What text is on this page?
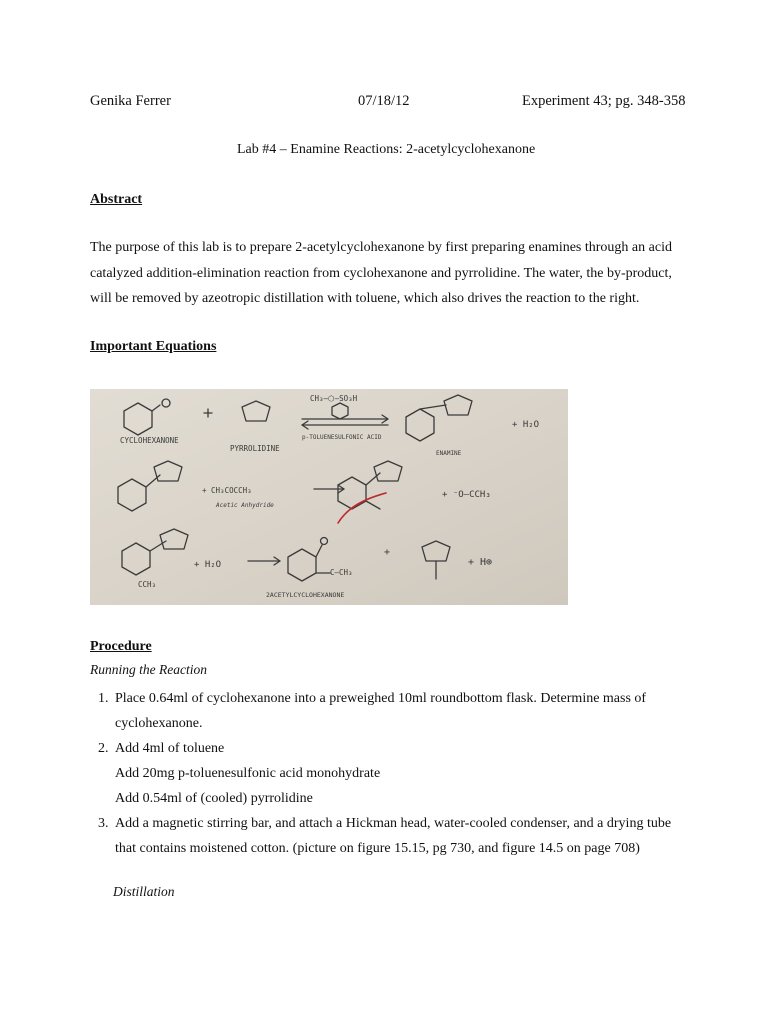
Genika Ferrer	07/18/12	Experiment 43; pg. 348-358
Lab #4 – Enamine Reactions: 2-acetylcyclohexanone
Abstract
The purpose of this lab is to prepare 2-acetylcyclohexanone by first preparing enamines through an acid catalyzed addition-elimination reaction from cyclohexanone and pyrrolidine. The water, the by-product, will be removed by azeotropic distillation with toluene, which also drives the reaction to the right.
Important Equations
CYCLOHEXANONE
PYRROLIDINE
CH₃—⬡—SO₃H
p-TOLUENESULFONIC ACID
ENAMINE
+ H₂O
+ CH₃COCCH₃
Acetic Anhydride
+ ⁻O—CCH₃
CCH₃
+ H₂O
C—CH₃
2ACETYLCYCLOHEXANONE
+
+ H⊕
Procedure
Running the Reaction
1. Place 0.64ml of cyclohexanone into a preweighed 10ml roundbottom flask. Determine mass of
cyclohexanone.
2. Add 4ml of toluene
Add 20mg p-toluenesulfonic acid monohydrate
Add 0.54ml of (cooled) pyrrolidine
3. Add a magnetic stirring bar, and attach a Hickman head, water-cooled condenser, and a drying tube
that contains moistened cotton. (picture on figure 15.15, pg 730, and figure 14.5 on page 708)
Distillation
